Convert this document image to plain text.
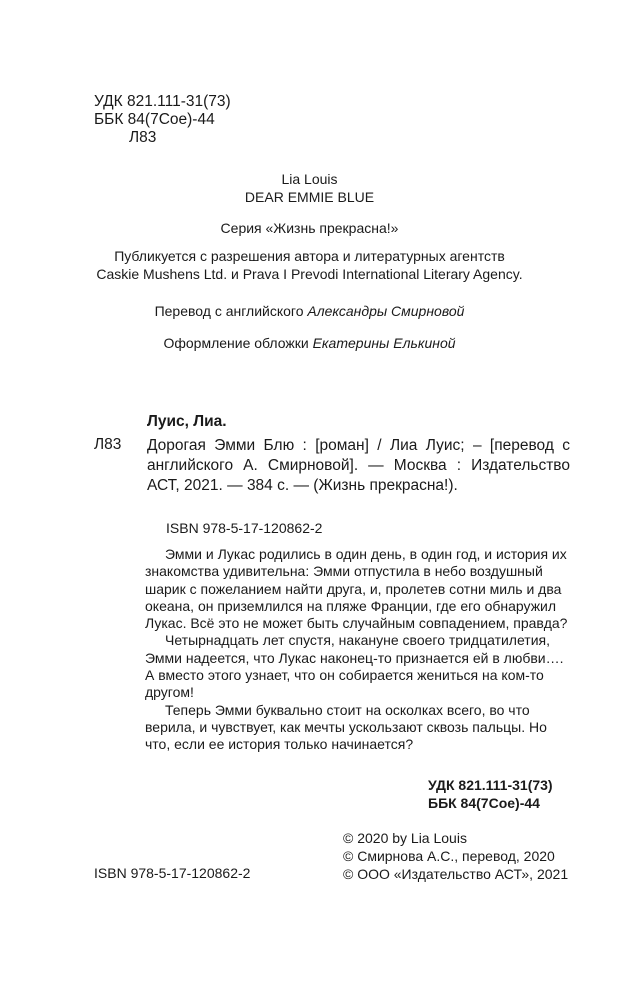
УДК 821.111-31(73)
ББК 84(7Сое)-44
Л83
Lia Louis
DEAR EMMIE BLUE
Серия «Жизнь прекрасна!»
Публикуется с разрешения автора и литературных агентств
Caskie Mushens Ltd. и Prava I Prevodi International Literary Agency.
Перевод с английского Александры Смирновой
Оформление обложки Екатерины Елькиной
Луис, Лиа.
Л83 Дорогая Эмми Блю : [роман] / Лиа Луис; – [перевод с английского А. Смирновой]. — Москва : Издательство АСТ, 2021. — 384 с. — (Жизнь прекрасна!).
ISBN 978-5-17-120862-2

Эмми и Лукас родились в один день, в один год, и история их знакомства удивительна: Эмми отпустила в небо воздушный шарик с пожеланием найти друга, и, пролетев сотни миль и два океана, он приземлился на пляже Франции, где его обнаружил Лукас. Всё это не может быть случайным совпадением, правда?

Четырнадцать лет спустя, накануне своего тридцатилетия, Эмми надеется, что Лукас наконец-то признается ей в любви…. А вместо этого узнает, что он собирается жениться на ком-то другом!

Теперь Эмми буквально стоит на осколках всего, во что верила, и чувствует, как мечты ускользают сквозь пальцы. Но что, если ее история только начинается?

УДК 821.111-31(73)
ББК 84(7Сое)-44
© 2020 by Lia Louis
© Смирнова А.С., перевод, 2020
© ООО «Издательство АСТ», 2021
ISBN 978-5-17-120862-2
